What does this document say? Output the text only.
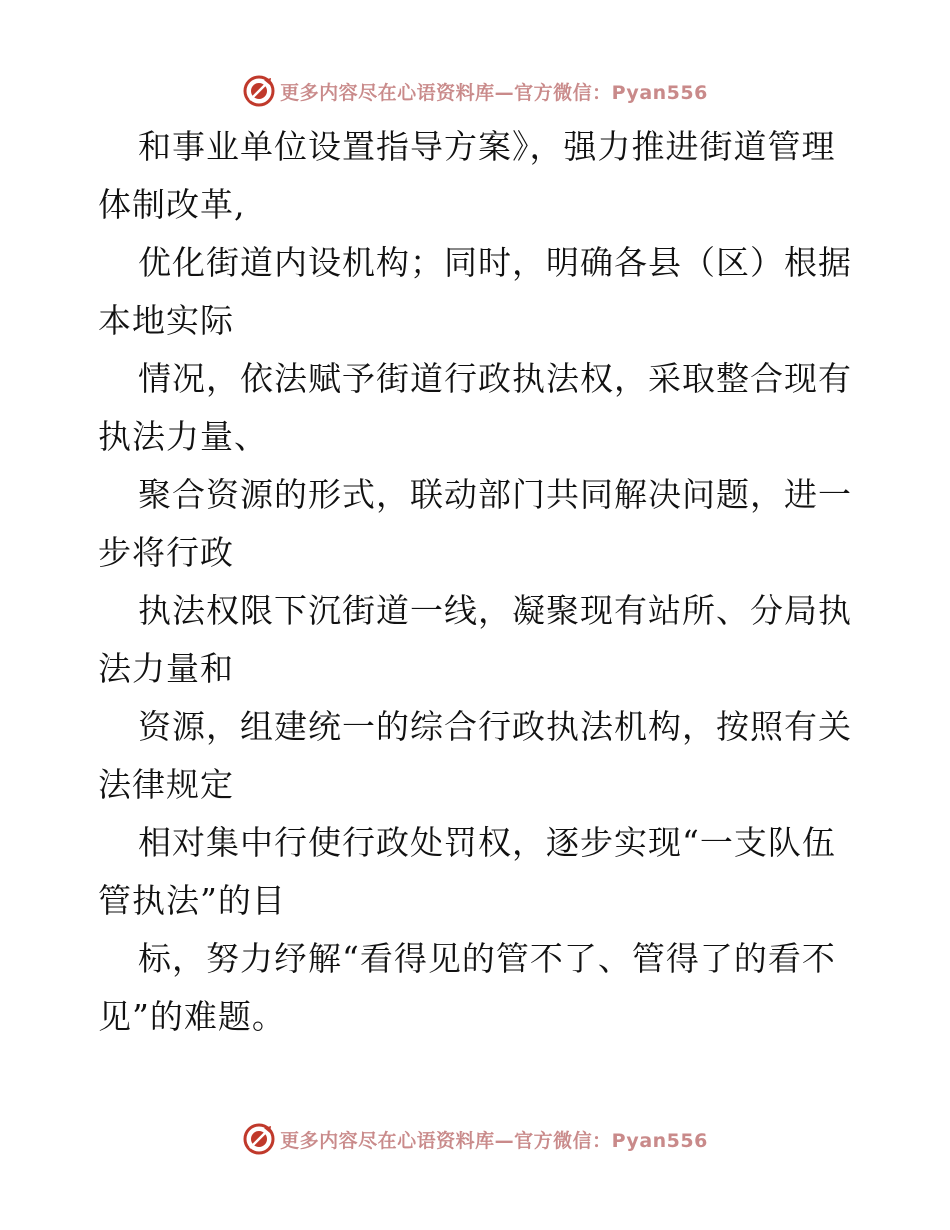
更多内容尽在心语资料库—官方微信：Pyan556
和事业单位设置指导方案》，强力推进街道管理
体制改革,
优化街道内设机构；同时，明确各县（区）根据
本地实际
情况，依法赋予街道行政执法权，采取整合现有
执法力量、
聚合资源的形式，联动部门共同解决问题，进一
步将行政
执法权限下沉街道一线，凝聚现有站所、分局执
法力量和
资源，组建统一的综合行政执法机构，按照有关
法律规定
相对集中行使行政处罚权，逐步实现“一支队伍
管执法”的目
标，努力纾解“看得见的管不了、管得了的看不
见”的难题。
更多内容尽在心语资料库—官方微信：Pyan556
